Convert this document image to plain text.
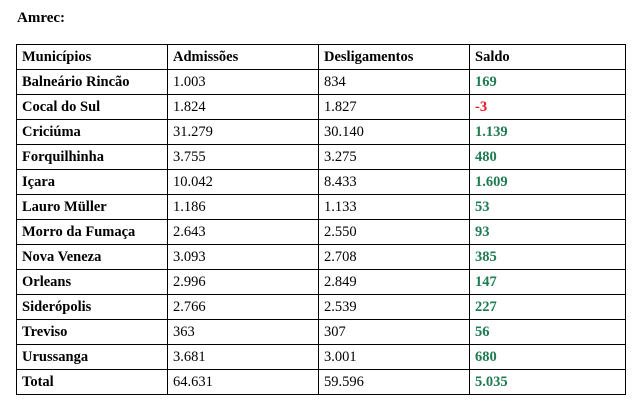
Amrec:
Municípios	Admissões	Desligamentos	Saldo
Balneário Rincão	1.003	834	169
Cocal do Sul	1.824	1.827	-3
Criciúma	31.279	30.140	1.139
Forquilhinha	3.755	3.275	480
Içara	10.042	8.433	1.609
Lauro Müller	1.186	1.133	53
Morro da Fumaça	2.643	2.550	93
Nova Veneza	3.093	2.708	385
Orleans	2.996	2.849	147
Siderópolis	2.766	2.539	227
Treviso	363	307	56
Urussanga	3.681	3.001	680
Total	64.631	59.596	5.035
